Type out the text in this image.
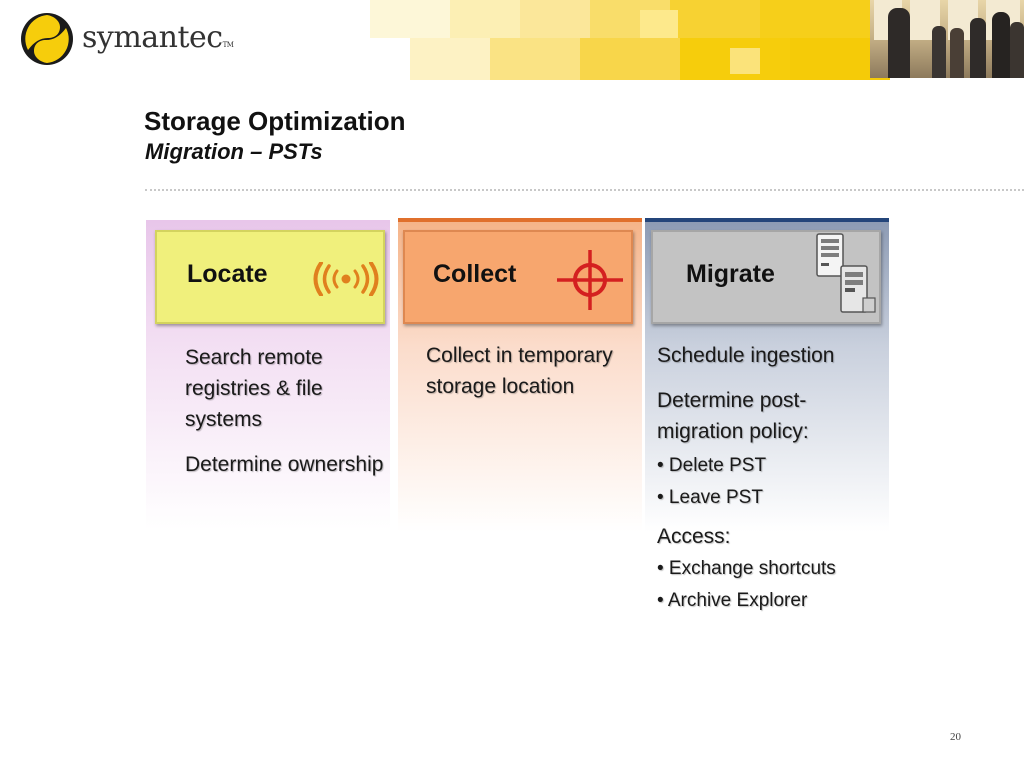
symantecTM
Storage Optimization
Migration – PSTs
Locate	Collect	Migrate

Search remote registries & file systems

Determine ownership

Collect in temporary storage location

Schedule ingestion

Determine post-migration policy:

• Delete PST
• Leave PST

Access:

• Exchange shortcuts
• Archive Explorer
20
